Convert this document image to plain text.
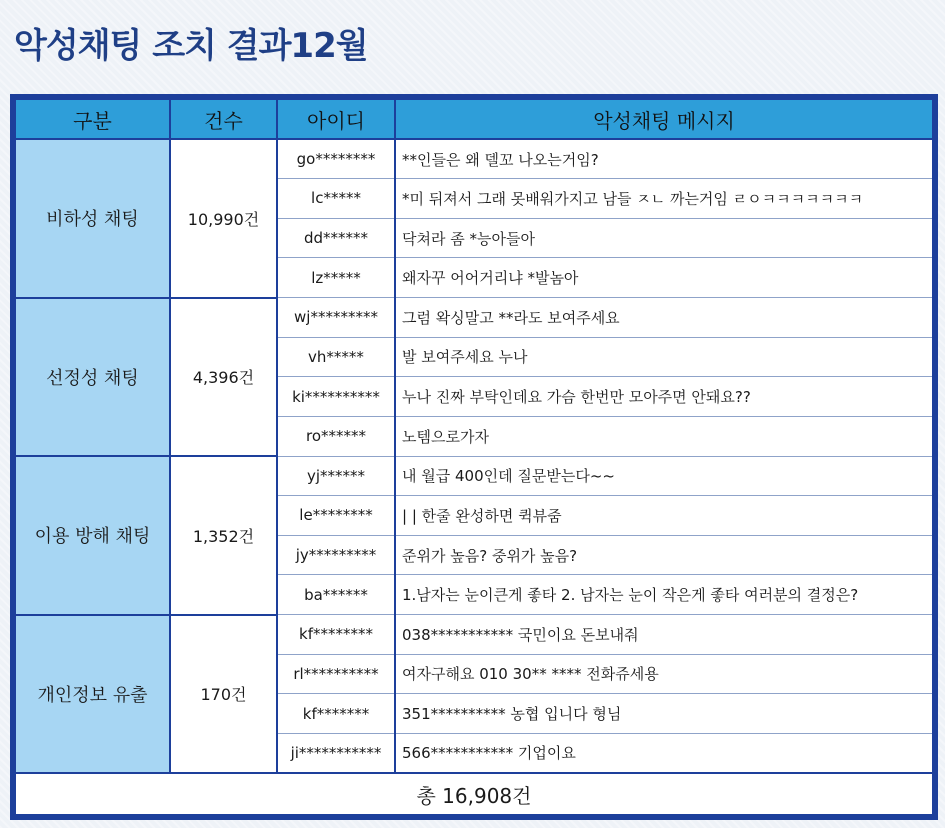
악성채팅 조치 결과12월
구분	건수	아이디	악성채팅 메시지
비하성 채팅	10,990건	go********	**인들은 왜 델꼬 나오는거임?
		lc*****	*미 뒤져서 그래 못배워가지고 남들 ㅈㄴ 까는거임 ㄹㅇㅋㅋㅋㅋㅋㅋㅋ
		dd******	닥쳐라 좀 *능아들아
		lz*****	왜자꾸 어어거리냐 *발놈아
선정성 채팅	4,396건	wj*********	그럼 왁싱말고 **라도 보여주세요
		vh*****	발 보여주세요 누나
		ki**********	누나 진짜 부탁인데요 가슴 한번만 모아주면 안돼요??
		ro******	노템으로가자
이용 방해 채팅	1,352건	yj******	내 월급 400인데 질문받는다~~
		le********	| | 한줄 완성하면 퀵뷰줌
		jy*********	준위가 높음? 중위가 높음?
		ba******	1.남자는 눈이큰게 좋타 2. 남자는 눈이 작은게 좋타 여러분의 결정은?
개인정보 유출	170건	kf********	038*********** 국민이요 돈보내줘
		rl**********	여자구해요 010 30** **** 전화쥬세용
		kf*******	351********** 농협 입니다 형님
		ji***********	566*********** 기업이요
총 16,908건			
